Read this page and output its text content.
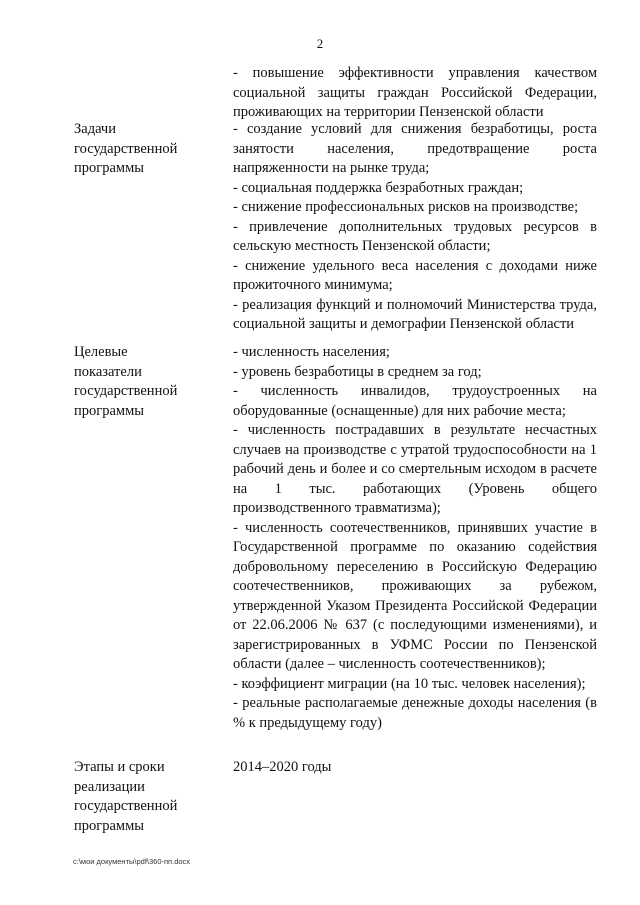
2

- повышение эффективности управления качеством социальной защиты граждан Российской Федерации, проживающих на территории Пензенской области

Задачи
государственной
программы

- создание условий для снижения безработицы, роста занятости населения, предотвращение роста напряженности на рынке труда;

- социальная поддержка безработных граждан;

- снижение профессиональных рисков на производстве;

- привлечение дополнительных трудовых ресурсов в сельскую местность Пензенской области;

- снижение удельного веса населения с доходами ниже прожиточного минимума;

- реализация функций и полномочий Министерства труда, социальной защиты и демографии Пензенской области

Целевые
показатели
государственной
программы

- численность населения;

- уровень безработицы в среднем за год;

- численность инвалидов, трудоустроенных на оборудованные (оснащенные) для них рабочие места;

- численность пострадавших в результате несчастных случаев на производстве с утратой трудоспособности на 1 рабочий день и более и со смертельным исходом в расчете на 1 тыс. работающих (Уровень общего производственного травматизма);

- численность соотечественников, принявших участие в Государственной программе по оказанию содействия добровольному переселению в Российскую Федерацию соотечественников, проживающих за рубежом, утвержденной Указом Президента Российской Федерации от 22.06.2006 № 637 (с последующими изменениями), и зарегистрированных в УФМС России по Пензенской области (далее – численность соотечественников);

- коэффициент миграции (на 10 тыс. человек населения);

- реальные располагаемые денежные доходы населения (в % к предыдущему году)

Этапы и сроки
реализации
государственной
программы

2014–2020 годы

c:\мои документы\pdf\360-пп.docx
